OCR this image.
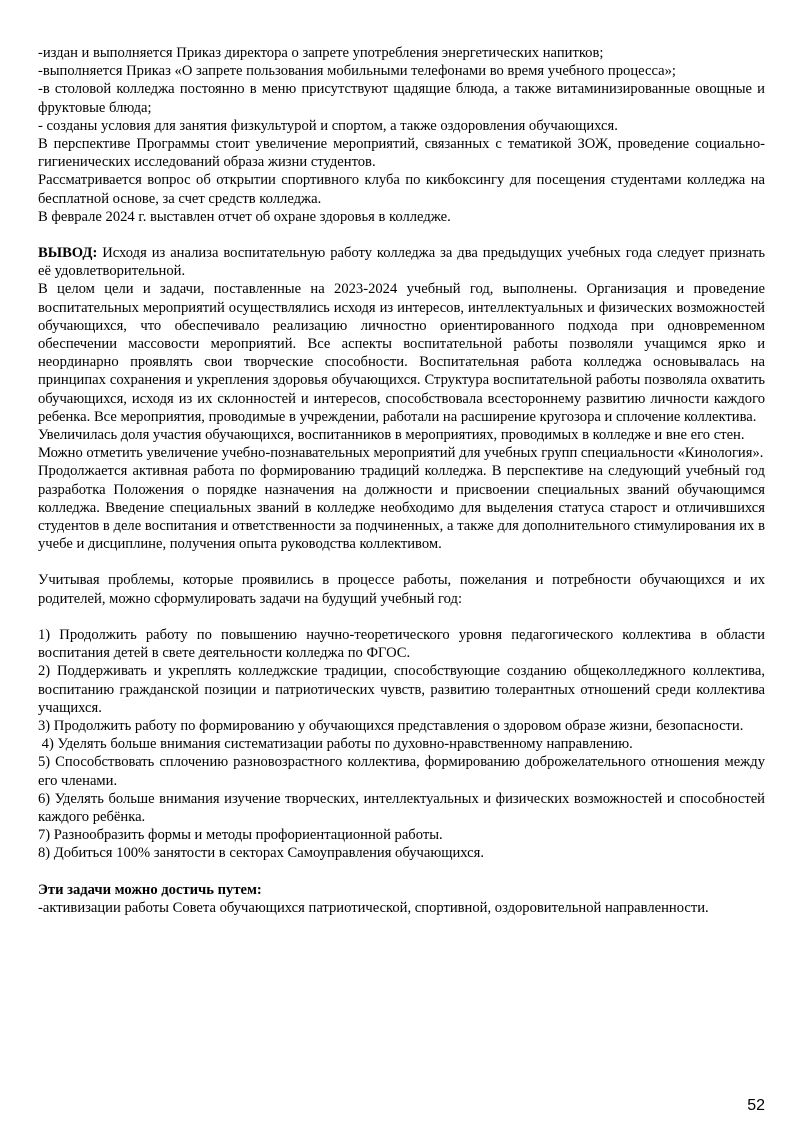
-издан и выполняется Приказ директора о запрете употребления энергетических напитков;

-выполняется Приказ «О запрете пользования мобильными телефонами во время учебного процесса»;

-в столовой колледжа постоянно в меню присутствуют щадящие блюда, а также витаминизированные овощные и фруктовые блюда;

- созданы условия для занятия физкультурой и спортом, а также оздоровления обучающихся.

В перспективе Программы стоит увеличение мероприятий, связанных с тематикой ЗОЖ, проведение социально-гигиенических исследований образа жизни студентов.

Рассматривается вопрос об открытии спортивного клуба по кикбоксингу для посещения студентами колледжа на бесплатной основе, за счет средств колледжа.

В феврале 2024 г. выставлен отчет об охране здоровья в колледже.

ВЫВОД: Исходя из анализа воспитательную работу колледжа за два предыдущих учебных года следует признать её удовлетворительной.

В целом цели и задачи, поставленные на 2023-2024 учебный год, выполнены. Организация и проведение воспитательных мероприятий осуществлялись исходя из интересов, интеллектуальных и физических возможностей обучающихся, что обеспечивало реализацию личностно ориентированного подхода при одновременном обеспечении массовости мероприятий. Все аспекты воспитательной работы позволяли учащимся ярко и неординарно проявлять свои творческие способности. Воспитательная работа колледжа основывалась на принципах сохранения и укрепления здоровья обучающихся. Структура воспитательной работы позволяла охватить обучающихся, исходя из их склонностей и интересов, способствовала всестороннему развитию личности каждого ребенка. Все мероприятия, проводимые в учреждении, работали на расширение кругозора и сплочение коллектива.

Увеличилась доля участия обучающихся, воспитанников в мероприятиях, проводимых в колледже и вне его стен.

Можно отметить увеличение учебно-познавательных мероприятий для учебных групп специальности «Кинология».

Продолжается активная работа по формированию традиций колледжа. В перспективе на следующий учебный год разработка Положения о порядке назначения на должности и присвоении специальных званий обучающимся колледжа. Введение специальных званий в колледже необходимо для выделения статуса старост и отличившихся студентов в деле воспитания и ответственности за подчиненных, а также для дополнительного стимулирования их в учебе и дисциплине, получения опыта руководства коллективом.

Учитывая проблемы, которые проявились в процессе работы, пожелания и потребности обучающихся и их родителей, можно сформулировать задачи на будущий учебный год:

1) Продолжить работу по повышению научно-теоретического уровня педагогического коллектива в области воспитания детей в свете деятельности колледжа по ФГОС.

2) Поддерживать и укреплять колледжские традиции, способствующие созданию общеколледжного коллектива, воспитанию гражданской позиции и патриотических чувств, развитию толерантных отношений среди коллектива учащихся.

3) Продолжить работу по формированию у обучающихся представления о здоровом образе жизни, безопасности.

4) Уделять больше внимания систематизации работы по духовно-нравственному направлению.

5) Способствовать сплочению разновозрастного коллектива, формированию доброжелательного отношения между его членами.

6) Уделять больше внимания изучение творческих, интеллектуальных и физических возможностей и способностей каждого ребёнка.

7) Разнообразить формы и методы профориентационной работы.

8) Добиться 100% занятости в секторах Самоуправления обучающихся.

Эти задачи можно достичь путем:

-активизации работы Совета обучающихся патриотической, спортивной, оздоровительной направленности.

52
